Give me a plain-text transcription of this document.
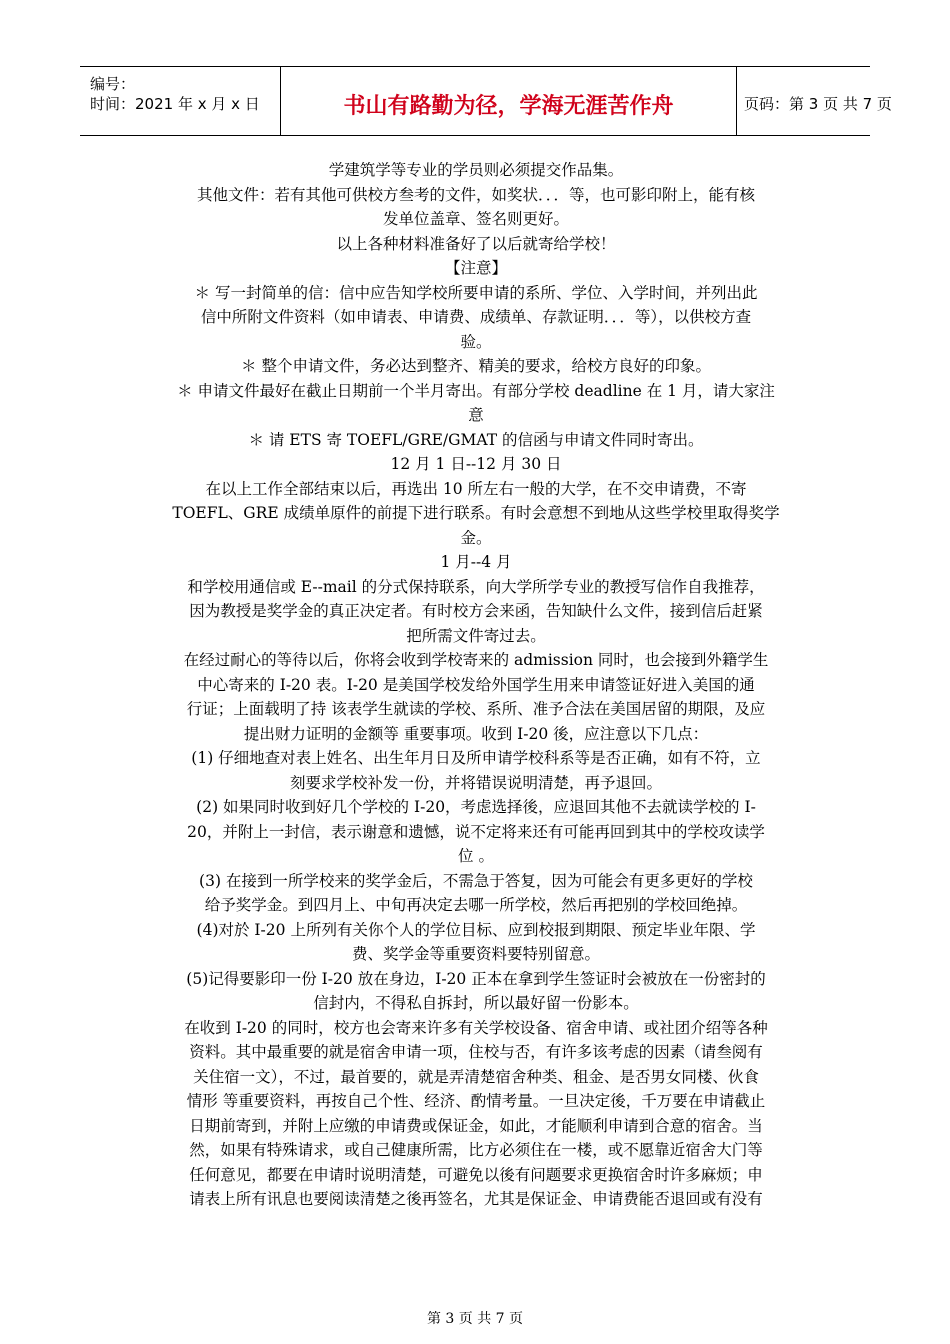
编号：
时间：2021 年 x 月 x 日	书山有路勤为径，学海无涯苦作舟	页码：第 3 页 共 7 页
学建筑学等专业的学员则必须提交作品集。
其他文件：若有其他可供校方叁考的文件，如奖状．．．等，也可影印附上，能有核
发单位盖章、签名则更好。
以上各种材料准备好了以后就寄给学校！
【注意】
＊ 写一封简单的信：信中应告知学校所要申请的系所、学位、入学时间，并列出此
信中所附文件资料（如申请表、申请费、成绩单、存款证明．．．等），以供校方查
验。
＊ 整个申请文件，务必达到整齐、精美的要求，给校方良好的印象。
＊ 申请文件最好在截止日期前一个半月寄出。有部分学校 deadline 在 1 月，请大家注
意
＊ 请 ETS 寄 TOEFL/GRE/GMAT 的信函与申请文件同时寄出。
12 月 1 日--12 月 30 日
在以上工作全部结束以后，再选出 10 所左右一般的大学，在不交申请费，不寄
TOEFL、GRE 成绩单原件的前提下进行联系。有时会意想不到地从这些学校里取得奖学
金。
1 月--4 月
和学校用通信或 E--mail 的分式保持联系，向大学所学专业的教授写信作自我推荐，
因为教授是奖学金的真正决定者。有时校方会来函，告知缺什么文件，接到信后赶紧
把所需文件寄过去。
在经过耐心的等待以后，你将会收到学校寄来的 admission 同时，也会接到外籍学生
中心寄来的 I-20 表。I-20 是美国学校发给外国学生用来申请签证好进入美国的通
行证；上面载明了持 该表学生就读的学校、系所、准予合法在美国居留的期限，及应
提出财力证明的金额等 重要事项。收到 I-20 後，应注意以下几点：
(1) 仔细地查对表上姓名、出生年月日及所申请学校科系等是否正确，如有不符，立
刻要求学校补发一份，并将错误说明清楚，再予退回。
(2) 如果同时收到好几个学校的 I-20，考虑选择後，应退回其他不去就读学校的 I-
20，并附上一封信，表示谢意和遗憾，说不定将来还有可能再回到其中的学校攻读学
位 。
(3) 在接到一所学校来的奖学金后，不需急于答复，因为可能会有更多更好的学校
给予奖学金。到四月上、中旬再决定去哪一所学校，然后再把别的学校回绝掉。
(4)对於 I-20 上所列有关你个人的学位目标、应到校报到期限、预定毕业年限、学
费、奖学金等重要资料要特别留意。
(5)记得要影印一份 I-20 放在身边，I-20 正本在拿到学生签证时会被放在一份密封的
信封内，不得私自拆封，所以最好留一份影本。
在收到 I-20 的同时，校方也会寄来许多有关学校设备、宿舍申请、或社团介绍等各种
资料。其中最重要的就是宿舍申请一项，住校与否，有许多该考虑的因素（请叁阅有
关住宿一文），不过，最首要的，就是弄清楚宿舍种类、租金、是否男女同楼、伙食
情形 等重要资料，再按自己个性、经济、酌情考量。一旦决定後，千万要在申请截止
日期前寄到，并附上应缴的申请费或保证金，如此，才能顺利申请到合意的宿舍。当
然，如果有特殊请求，或自己健康所需，比方必须住在一楼，或不愿靠近宿舍大门等
任何意见，都要在申请时说明清楚，可避免以後有问题要求更换宿舍时许多麻烦；申
请表上所有讯息也要阅读清楚之後再签名，尤其是保证金、申请费能否退回或有没有
第 3 页 共 7 页
